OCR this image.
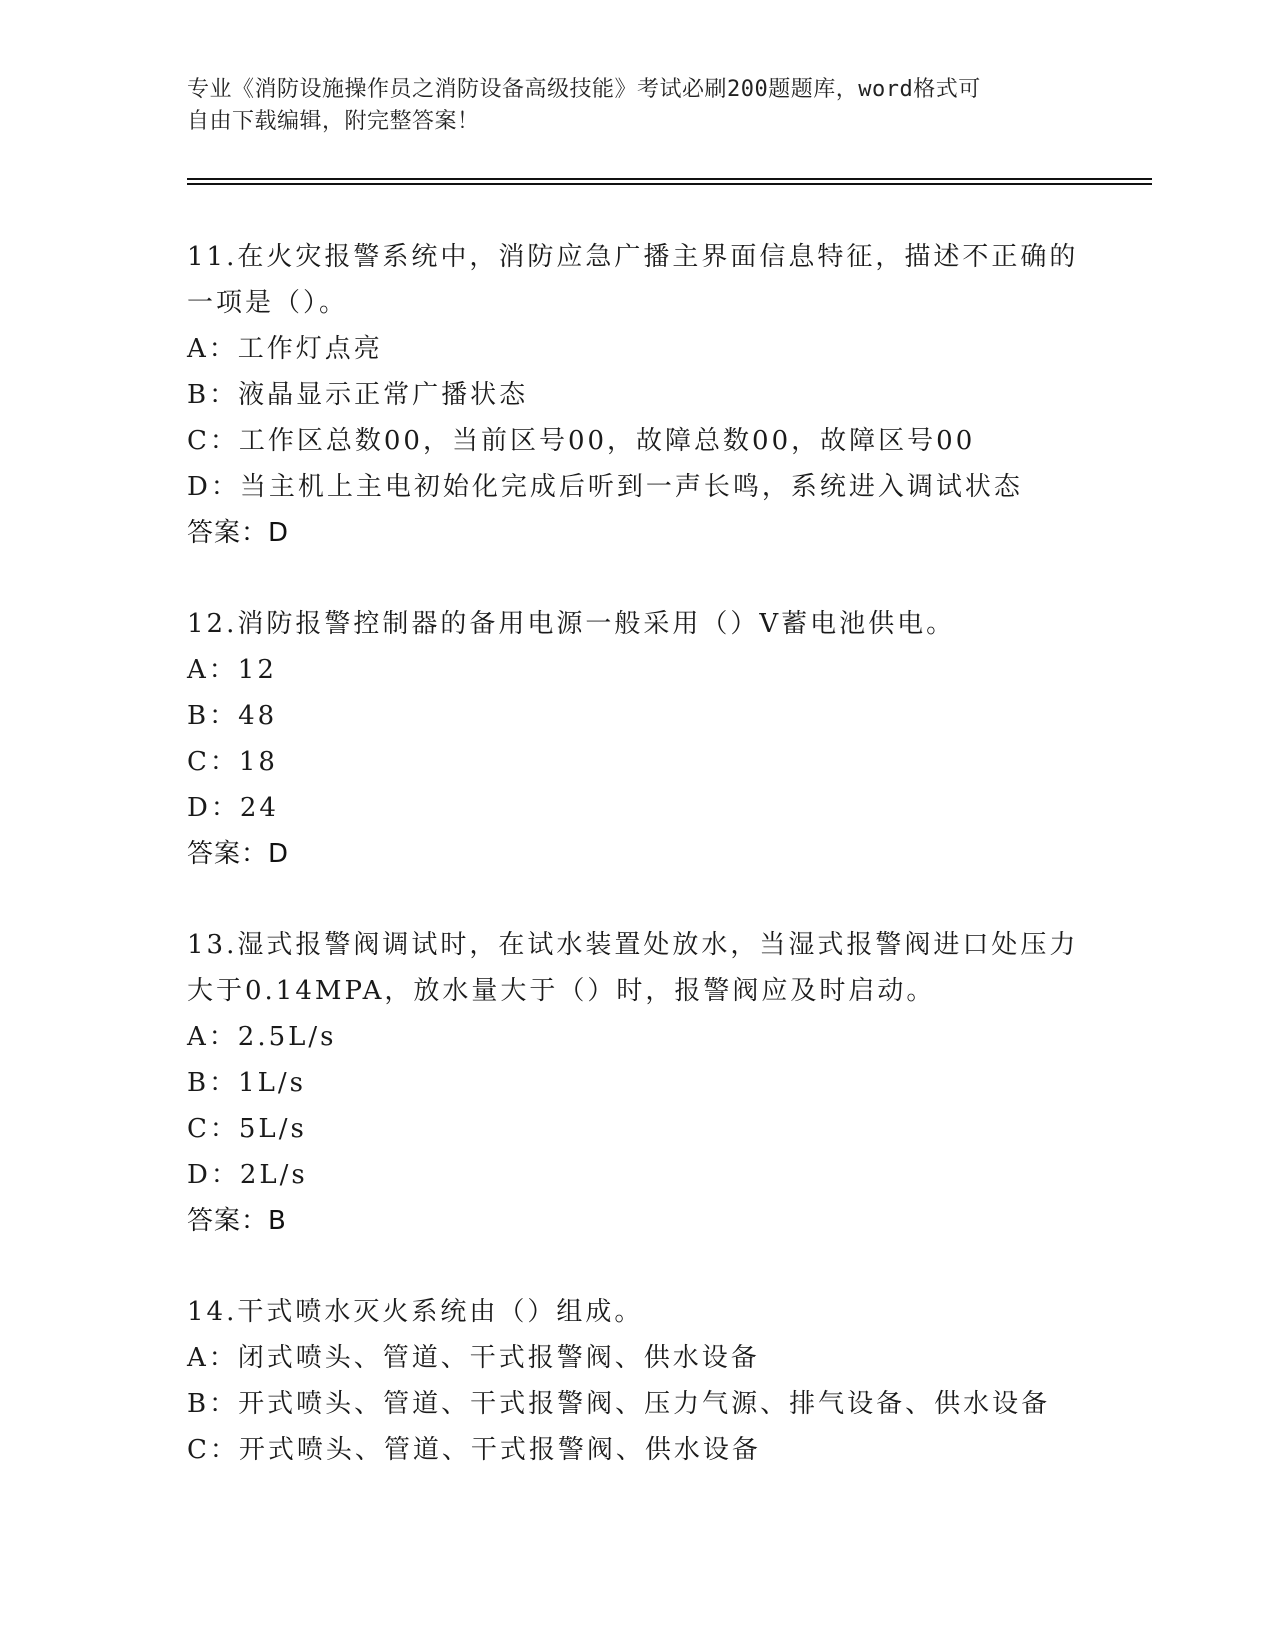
专业《消防设施操作员之消防设备高级技能》考试必刷200题题库，word格式可
自由下载编辑，附完整答案！

11.在火灾报警系统中，消防应急广播主界面信息特征，描述不正确的

一项是（）。

A：工作灯点亮

B：液晶显示正常广播状态

C：工作区总数00，当前区号00，故障总数00，故障区号00

D：当主机上主电初始化完成后听到一声长鸣，系统进入调试状态

答案：D

12.消防报警控制器的备用电源一般采用（）V蓄电池供电。

A：12

B：48

C：18

D：24

答案：D

13.湿式报警阀调试时，在试水装置处放水，当湿式报警阀进口处压力

大于0.14MPA，放水量大于（）时，报警阀应及时启动。

A：2.5L/s

B：1L/s

C：5L/s

D：2L/s

答案：B

14.干式喷水灭火系统由（）组成。

A：闭式喷头、管道、干式报警阀、供水设备

B：开式喷头、管道、干式报警阀、压力气源、排气设备、供水设备

C：开式喷头、管道、干式报警阀、供水设备
